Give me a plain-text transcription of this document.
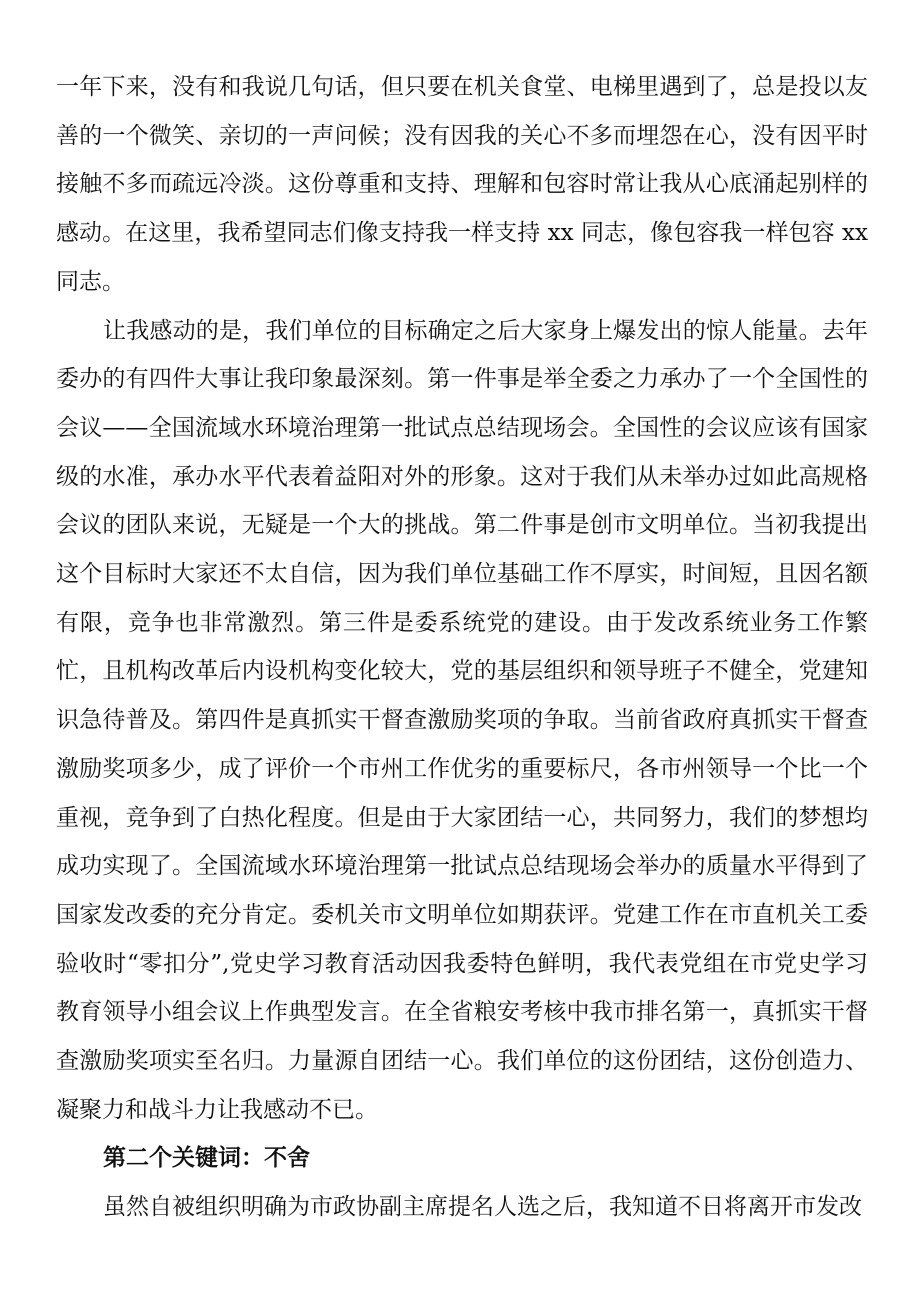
一年下来，没有和我说几句话，但只要在机关食堂、电梯里遇到了，总是投以友善的一个微笑、亲切的一声问候；没有因我的关心不多而埋怨在心，没有因平时接触不多而疏远冷淡。这份尊重和支持、理解和包容时常让我从心底涌起别样的感动。在这里，我希望同志们像支持我一样支持 xx 同志，像包容我一样包容 xx 同志。

让我感动的是，我们单位的目标确定之后大家身上爆发出的惊人能量。去年委办的有四件大事让我印象最深刻。第一件事是举全委之力承办了一个全国性的会议——全国流域水环境治理第一批试点总结现场会。全国性的会议应该有国家级的水准，承办水平代表着益阳对外的形象。这对于我们从未举办过如此高规格会议的团队来说，无疑是一个大的挑战。第二件事是创市文明单位。当初我提出这个目标时大家还不太自信，因为我们单位基础工作不厚实，时间短，且因名额有限，竞争也非常激烈。第三件是委系统党的建设。由于发改系统业务工作繁忙，且机构改革后内设机构变化较大，党的基层组织和领导班子不健全，党建知识急待普及。第四件是真抓实干督查激励奖项的争取。当前省政府真抓实干督查激励奖项多少，成了评价一个市州工作优劣的重要标尺，各市州领导一个比一个重视，竞争到了白热化程度。但是由于大家团结一心，共同努力，我们的梦想均成功实现了。全国流域水环境治理第一批试点总结现场会举办的质量水平得到了国家发改委的充分肯定。委机关市文明单位如期获评。党建工作在市直机关工委验收时“零扣分”,党史学习教育活动因我委特色鲜明，我代表党组在市党史学习教育领导小组会议上作典型发言。在全省粮安考核中我市排名第一，真抓实干督查激励奖项实至名归。力量源自团结一心。我们单位的这份团结，这份创造力、凝聚力和战斗力让我感动不已。

第二个关键词：不舍

虽然自被组织明确为市政协副主席提名人选之后，我知道不日将离开市发改
